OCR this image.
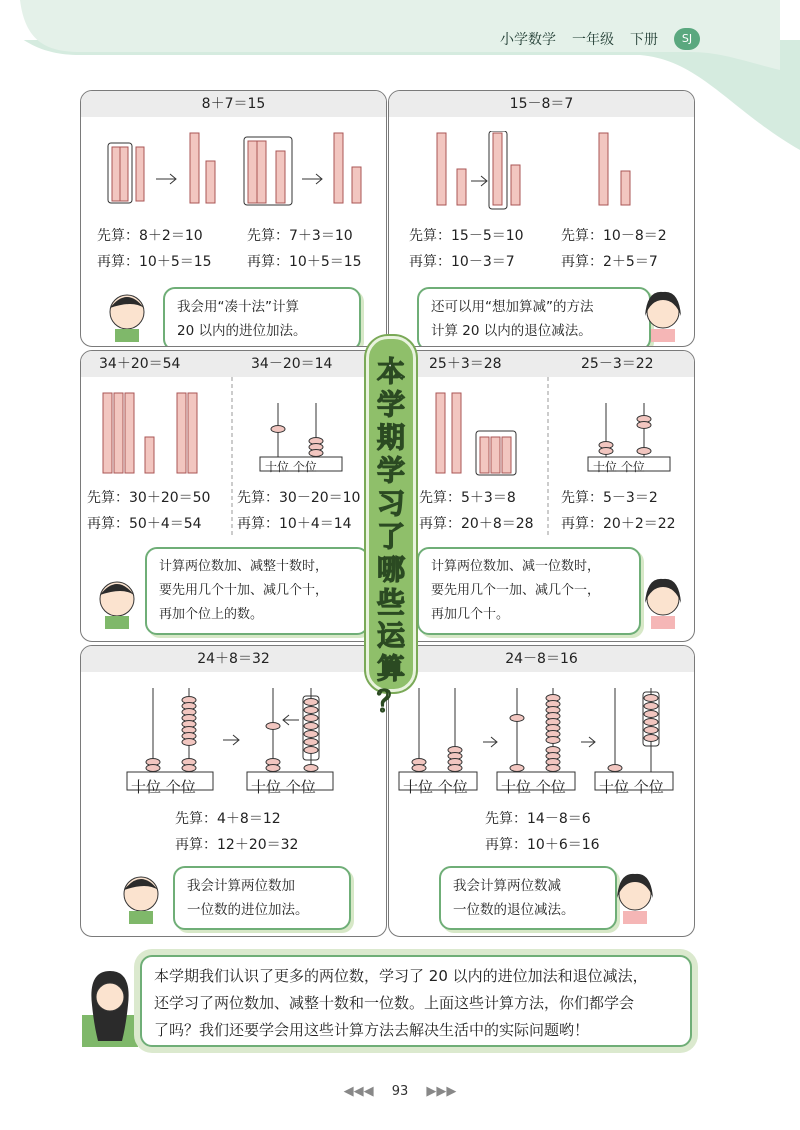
小学数学 一年级 下册	SJ
8＋7＝15
先算：8＋2＝10
再算：10＋5＝15
先算：7＋3＝10
再算：10＋5＝15
我会用“凑十法”计算
20 以内的进位加法。
15－8＝7
先算：15－5＝10
再算：10－3＝7
先算：10－8＝2
再算：2＋5＝7
还可以用“想加算减”的方法
计算 20 以内的退位减法。
34＋20＝54	34－20＝14
十位 个位
先算：30＋20＝50
再算：50＋4＝54
先算：30－20＝10
再算：10＋4＝14
计算两位数加、减整十数时，
要先用几个十加、减几个十，
再加个位上的数。
25＋3＝28	25－3＝22
十位 个位
先算：5＋3＝8
再算：20＋8＝28
先算：5－3＝2
再算：20＋2＝22
计算两位数加、减一位数时，
要先用几个一加、减几个一，
再加几个十。
24＋8＝32
十位 个位	十位 个位
先算：4＋8＝12
再算：12＋20＝32
我会计算两位数加
一位数的进位加法。
24－8＝16
十位 个位 十位 个位 十位 个位
先算：14－8＝6
再算：10＋6＝16
我会计算两位数减
一位数的退位减法。
本
学
期
学
习
了
哪
些
运
算
？
本学期我们认识了更多的两位数，学习了 20 以内的进位加法和退位减法，
还学习了两位数加、减整十数和一位数。上面这些计算方法，你们都学会
了吗？我们还要学会用这些计算方法去解决生活中的实际问题哟！
◀◀◀ 93 ▶▶▶
